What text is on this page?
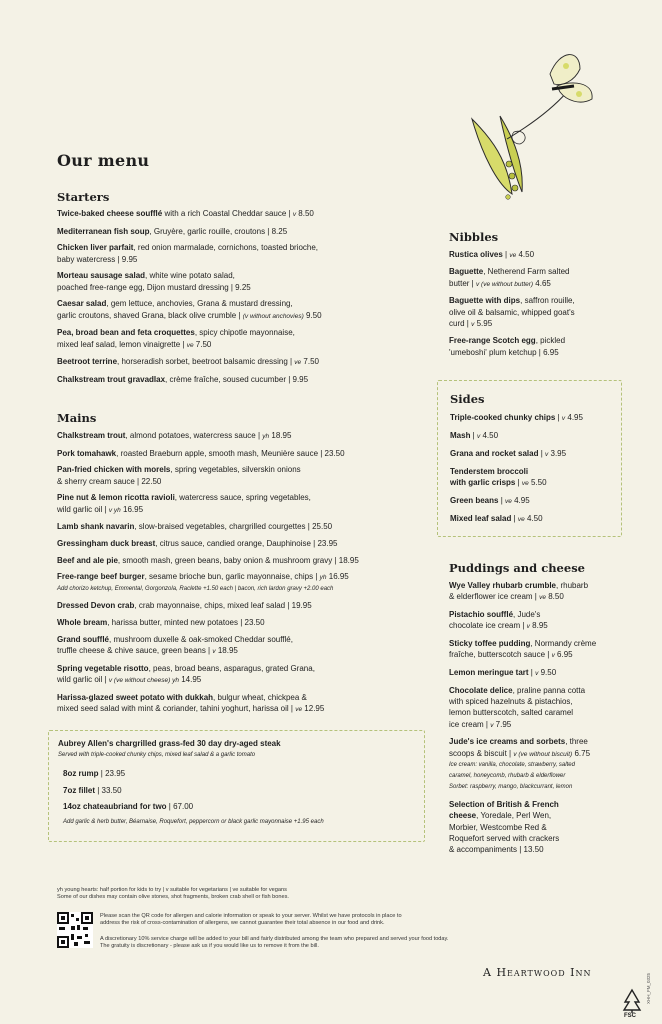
Our menu
Starters
Twice-baked cheese soufflé with a rich Coastal Cheddar sauce | v 8.50
Mediterranean fish soup, Gruyère, garlic rouille, croutons | 8.25
Chicken liver parfait, red onion marmalade, cornichons, toasted brioche,
baby watercress | 9.95
Morteau sausage salad, white wine potato salad,
poached free-range egg, Dijon mustard dressing | 9.25
Caesar salad, gem lettuce, anchovies, Grana & mustard dressing,
garlic croutons, shaved Grana, black olive crumble | (v without anchovies) 9.50
Pea, broad bean and feta croquettes, spicy chipotle mayonnaise,
mixed leaf salad, lemon vinaigrette | ve 7.50
Beetroot terrine, horseradish sorbet, beetroot balsamic dressing | ve 7.50
Chalkstream trout gravadlax, crème fraîche, soused cucumber | 9.95
Mains
Chalkstream trout, almond potatoes, watercress sauce | yh 18.95
Pork tomahawk, roasted Braeburn apple, smooth mash, Meunière sauce | 23.50
Pan-fried chicken with morels, spring vegetables, silverskin onions
& sherry cream sauce | 22.50
Pine nut & lemon ricotta ravioli, watercress sauce, spring vegetables,
wild garlic oil | v yh 16.95
Lamb shank navarin, slow-braised vegetables, chargrilled courgettes | 25.50
Gressingham duck breast, citrus sauce, candied orange, Dauphinoise | 23.95
Beef and ale pie, smooth mash, green beans, baby onion & mushroom gravy | 18.95
Free-range beef burger, sesame brioche bun, garlic mayonnaise, chips | yh 16.95
Add chorizo ketchup, Emmental, Gorgonzola, Raclette +1.50 each | bacon, rich lardon gravy +2.00 each
Dressed Devon crab, crab mayonnaise, chips, mixed leaf salad | 19.95
Whole bream, harissa butter, minted new potatoes | 23.50
Grand soufflé, mushroom duxelle & oak-smoked Cheddar soufflé,
truffle cheese & chive sauce, green beans | v 18.95
Spring vegetable risotto, peas, broad beans, asparagus, grated Grana,
wild garlic oil | v (ve without cheese) yh 14.95
Harissa-glazed sweet potato with dukkah, bulgur wheat, chickpea &
mixed seed salad with mint & coriander, tahini yoghurt, harissa oil | ve 12.95
Aubrey Allen's chargrilled grass-fed 30 day dry-aged steak
Served with triple-cooked chunky chips, mixed leaf salad & a garlic tomato
8oz rump | 23.95
7oz fillet | 33.50
14oz chateaubriand for two | 67.00
Add garlic & herb butter, Béarnaise, Roquefort, peppercorn or black garlic mayonnaise +1.95 each
Nibbles
Rustica olives | ve 4.50
Baguette, Netherend Farm salted
butter | v (ve without butter) 4.65
Baguette with dips, saffron rouille,
olive oil & balsamic, whipped goat's
curd | v 5.95
Free-range Scotch egg, pickled
'umeboshi' plum ketchup | 6.95
Sides
Triple-cooked chunky chips | v 4.95
Mash | v 4.50
Grana and rocket salad | v 3.95
Tenderstem broccoli
with garlic crisps | ve 5.50
Green beans | ve 4.95
Mixed leaf salad | ve 4.50
Puddings and cheese
Wye Valley rhubarb crumble, rhubarb
& elderflower ice cream | ve 8.50
Pistachio soufflé, Jude's
chocolate ice cream | v 8.95
Sticky toffee pudding, Normandy crème
fraîche, butterscotch sauce | v 6.95
Lemon meringue tart | v 9.50
Chocolate delice, praline panna cotta
with spiced hazelnuts & pistachios,
lemon butterscotch, salted caramel
ice cream | v 7.95
Jude's ice creams and sorbets, three
scoops & biscuit | v (ve without biscuit) 6.75
Ice cream: vanilla, chocolate, strawberry, salted
caramel, honeycomb, rhubarb & elderflower
Sorbet: raspberry, mango, blackcurrant, lemon
Selection of British & French
cheese, Yoredale, Perl Wen,
Morbier, Westcombe Red &
Roquefort served with crackers
& accompaniments | 13.50
yh young hearts: half portion for kids to try | v suitable for vegetarians | ve suitable for vegans
Some of our dishes may contain olive stones, shot fragments, broken crab shell or fish bones.
Please scan the QR code for allergen and calorie information or speak to your server. Whilst we have protocols in place to
address the risk of cross-contamination of allergens, we cannot guarantee their total absence in our food and drink.
A discretionary 10% service charge will be added to your bill and fairly distributed among the team who prepared and served your food today.
The gratuity is discretionary - please ask us if you would like us to remove it from the bill.
A Heartwood Inn
FSC
XHH_FM_0325
